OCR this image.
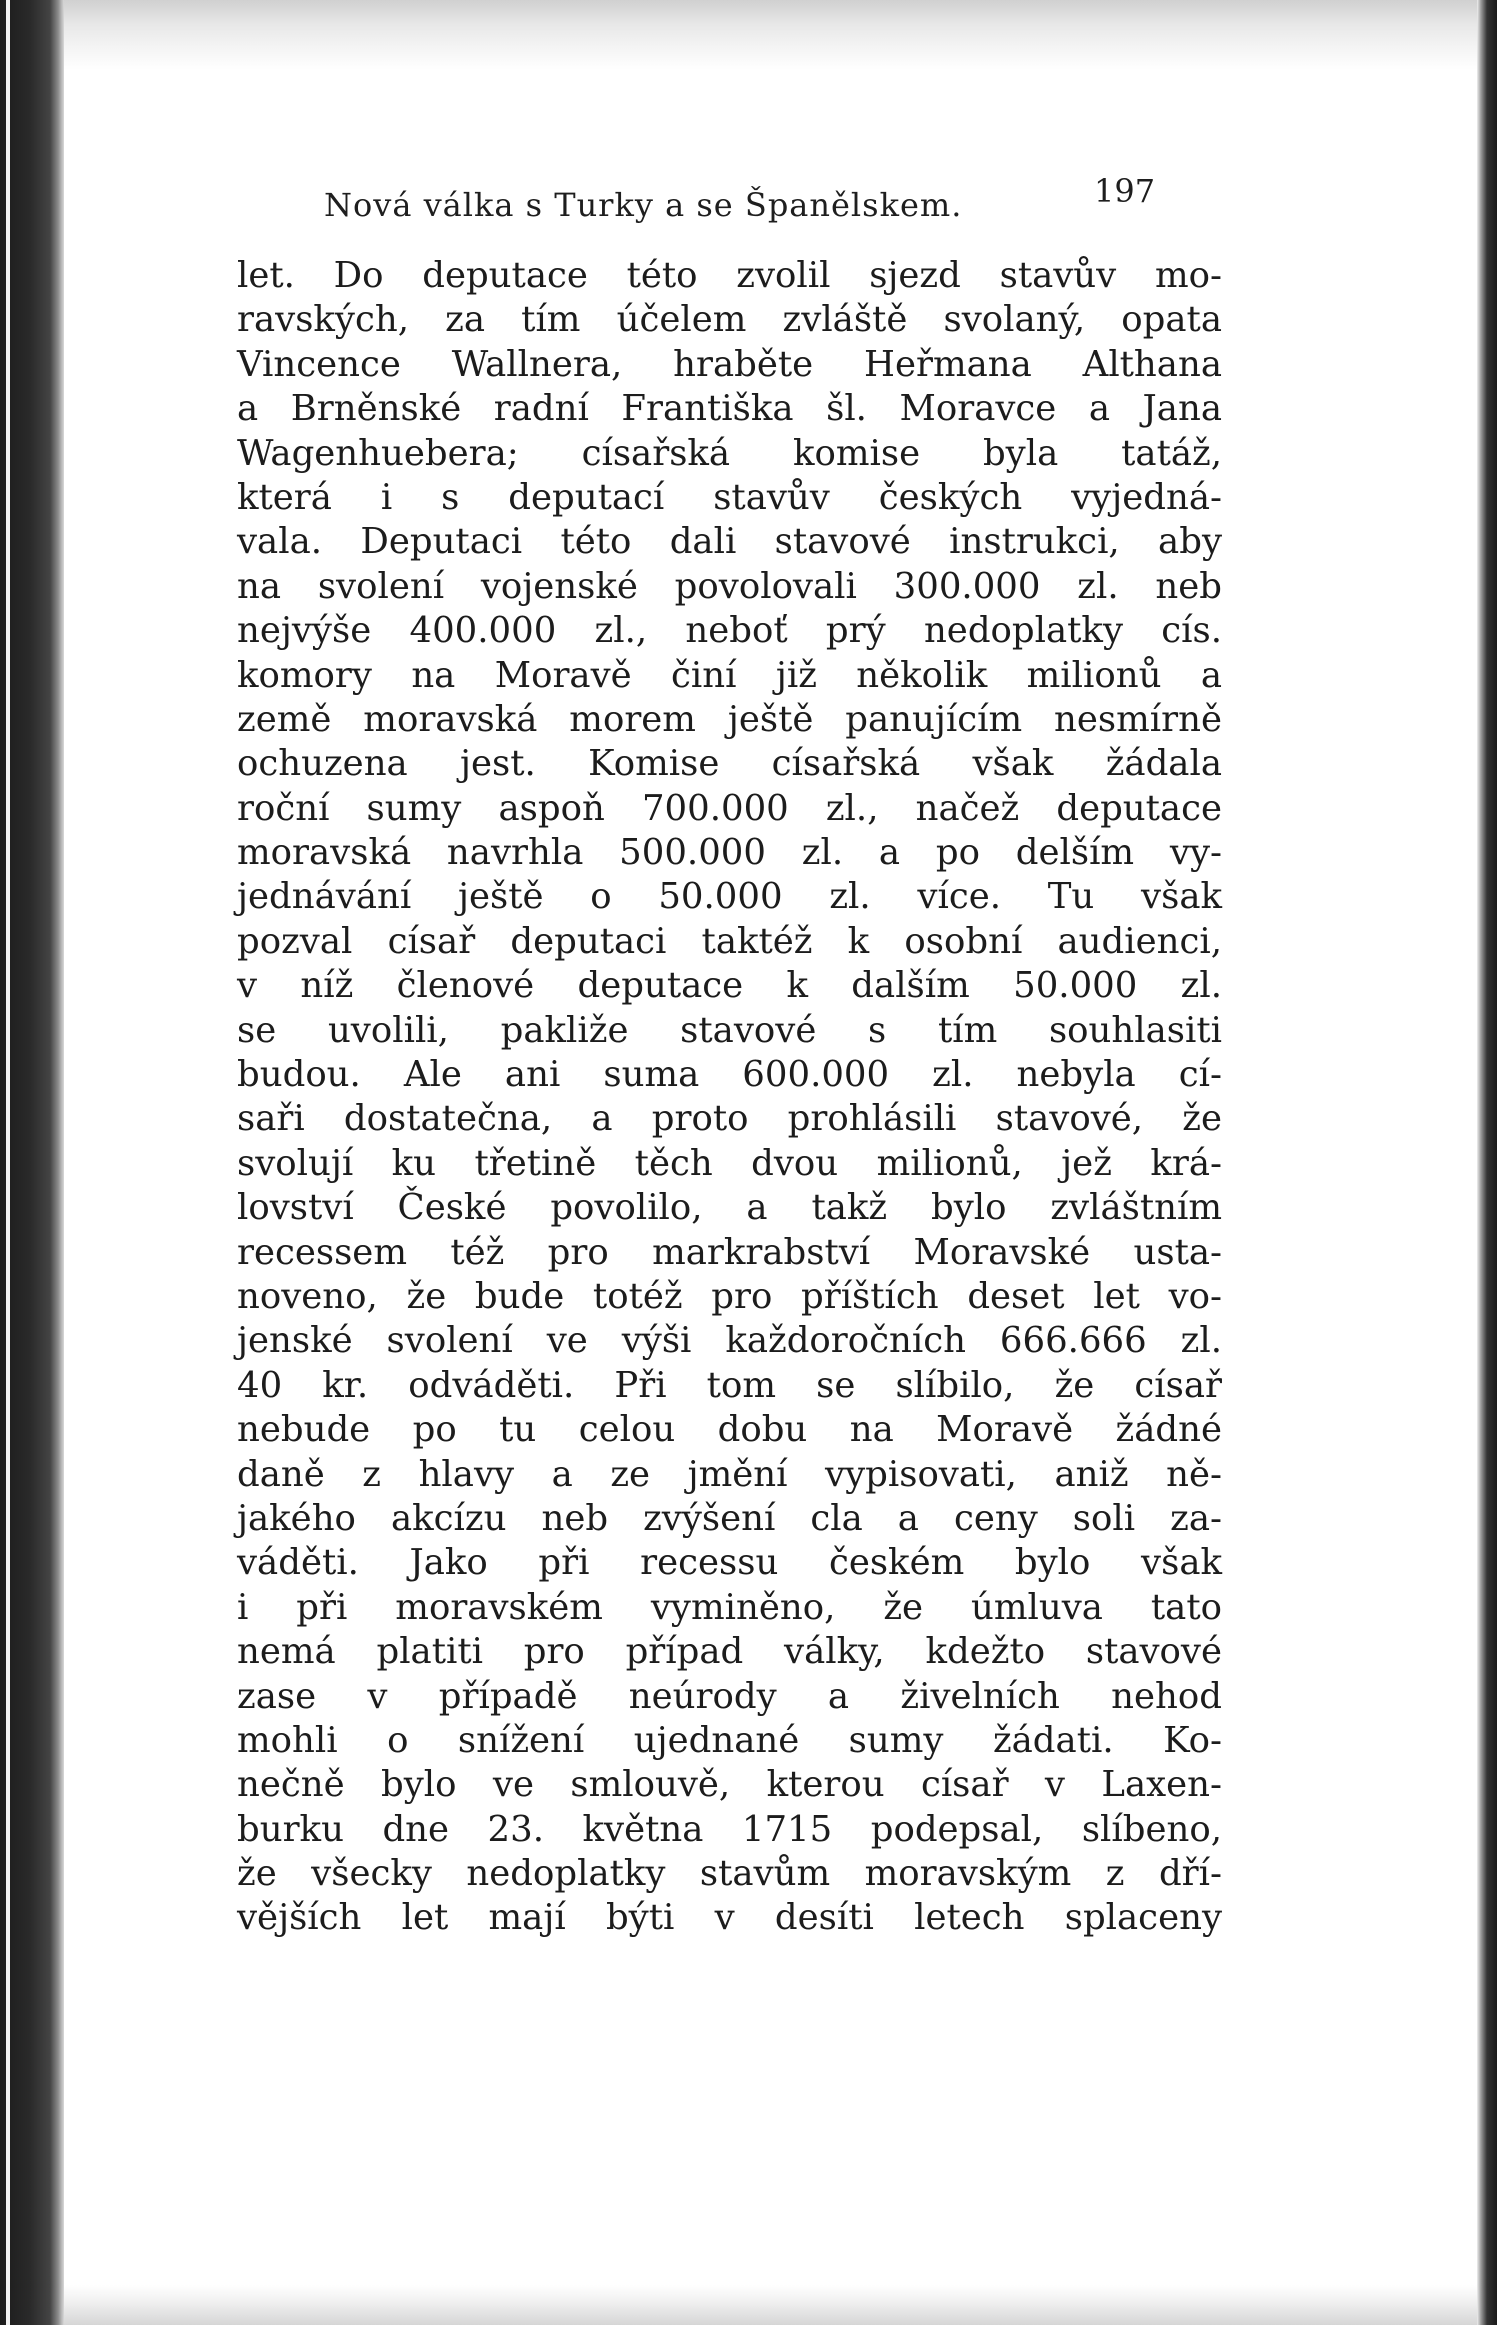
Nová válka s Turky a se Španělskem.	197
let. Do deputace této zvolil sjezd stavův mo-
ravských, za tím účelem zvláště svolaný, opata
Vincence Wallnera, hraběte Heřmana Althana
a Brněnské radní Františka šl. Moravce a Jana
Wagenhuebera; císařská komise byla tatáž,
která i s deputací stavův českých vyjedná-
vala. Deputaci této dali stavové instrukci, aby
na svolení vojenské povolovali 300.000 zl. neb
nejvýše 400.000 zl., neboť prý nedoplatky cís.
komory na Moravě činí již několik milionů a
země moravská morem ještě panujícím nesmírně
ochuzena jest. Komise císařská však žádala
roční sumy aspoň 700.000 zl., načež deputace
moravská navrhla 500.000 zl. a po delším vy-
jednávání ještě o 50.000 zl. více. Tu však
pozval císař deputaci taktéž k osobní audienci,
v níž členové deputace k dalším 50.000 zl.
se uvolili, pakliže stavové s tím souhlasiti
budou. Ale ani suma 600.000 zl. nebyla cí-
saři dostatečna, a proto prohlásili stavové, že
svolují ku třetině těch dvou milionů, jež krá-
lovství České povolilo, a takž bylo zvláštním
recessem též pro markrabství Moravské usta-
noveno, že bude totéž pro příštích deset let vo-
jenské svolení ve výši každoročních 666.666 zl.
40 kr. odváděti. Při tom se slíbilo, že císař
nebude po tu celou dobu na Moravě žádné
daně z hlavy a ze jmění vypisovati, aniž ně-
jakého akcízu neb zvýšení cla a ceny soli za-
váděti. Jako při recessu českém bylo však
i při moravském vyminěno, že úmluva tato
nemá platiti pro případ války, kdežto stavové
zase v případě neúrody a živelních nehod
mohli o snížení ujednané sumy žádati. Ko-
nečně bylo ve smlouvě, kterou císař v Laxen-
burku dne 23. května 1715 podepsal, slíbeno,
že všecky nedoplatky stavům moravským z dří-
vějších let mají býti v desíti letech splaceny
